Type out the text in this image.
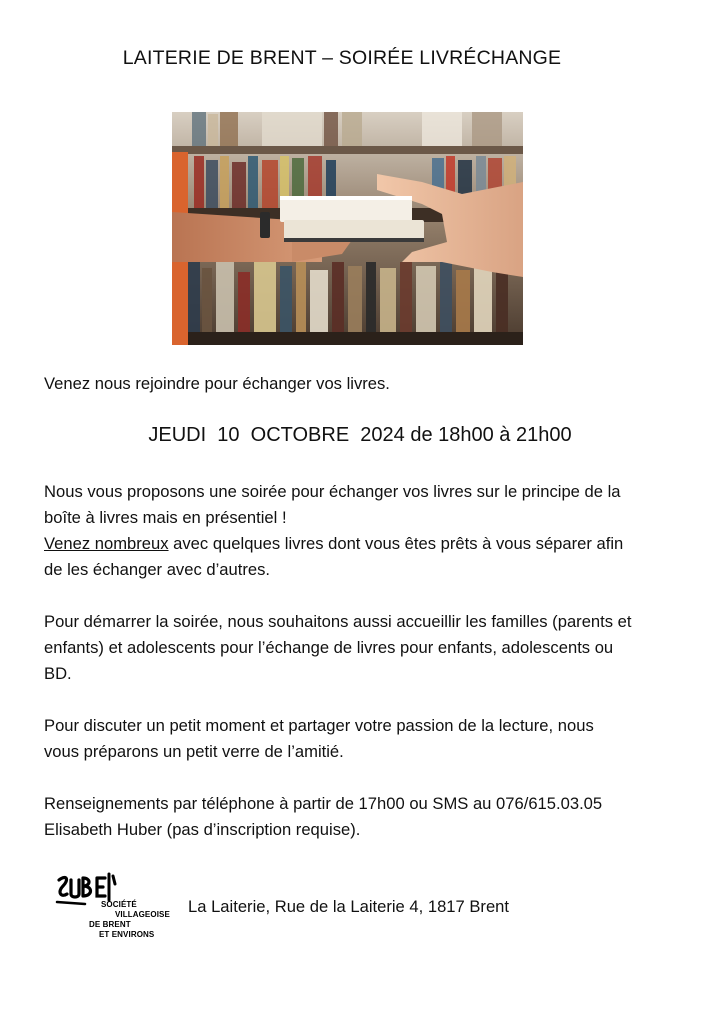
LAITERIE DE BRENT – SOIRÉE LIVRÉCHANGE
Venez nous rejoindre pour échanger vos livres.
JEUDI  10  OCTOBRE  2024 de 18h00 à 21h00
Nous vous proposons une soirée pour échanger vos livres sur le principe de la
boîte à livres mais en présentiel !
Venez nombreux avec quelques livres dont vous êtes prêts à vous séparer afin
de les échanger avec d’autres.
Pour démarrer la soirée, nous souhaitons aussi accueillir les familles (parents et
enfants) et adolescents pour l’échange de livres pour enfants, adolescents ou
BD.
Pour discuter un petit moment et partager votre passion de la lecture, nous
vous préparons un petit verre de l’amitié.
Renseignements par téléphone à partir de 17h00 ou SMS au 076/615.03.05
Elisabeth Huber (pas d’inscription requise).
SOCIÉTÉ
VILLAGEOISE
DE BRENT
ET ENVIRONS
La Laiterie, Rue de la Laiterie 4, 1817 Brent
